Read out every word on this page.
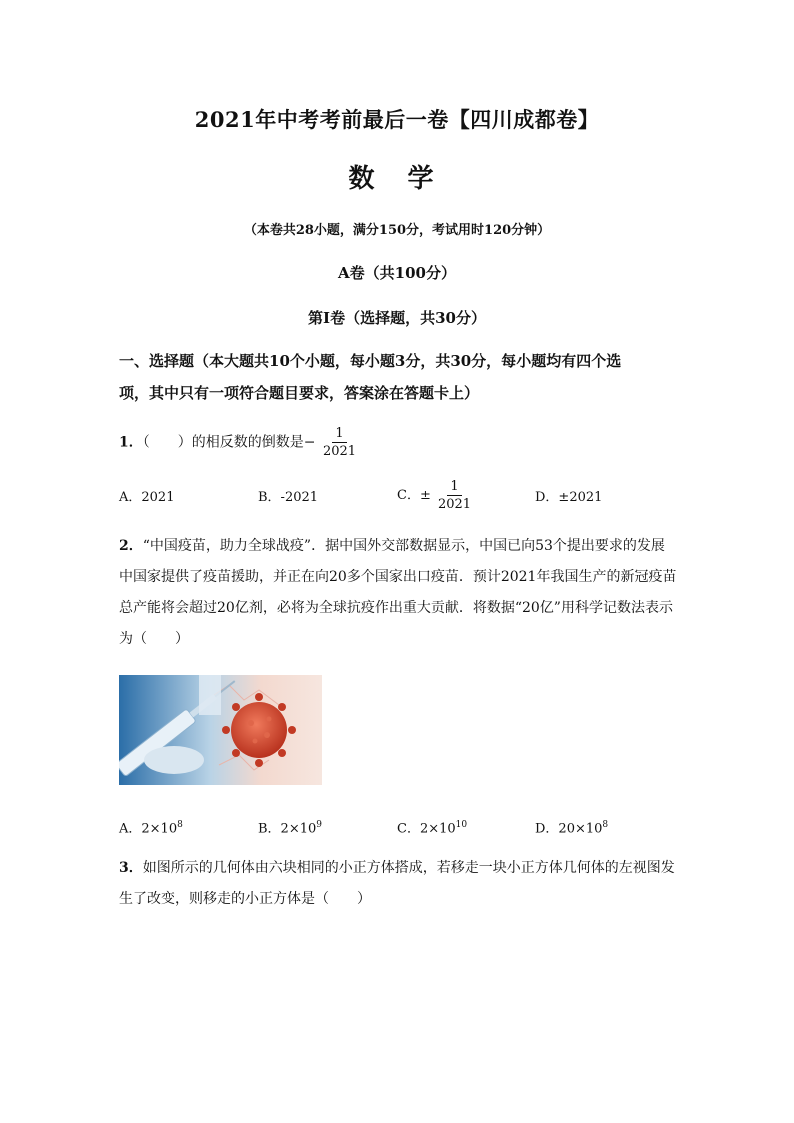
2021年中考考前最后一卷【四川成都卷】
数 学
（本卷共28小题，满分150分，考试用时120分钟）
A卷（共100分）
第Ⅰ卷（选择题，共30分）
一、选择题（本大题共10个小题，每小题3分，共30分，每小题均有四个选
项，其中只有一项符合题目要求，答案涂在答题卡上）
1．（　　）的相反数的倒数是− $\frac{1}{2021}$
A．2021	B．-2021	C．± $\frac{1}{2021}$	D．±2021
2．“中国疫苗，助力全球战疫”．据中国外交部数据显示，中国已向53个提出要求的发展
中国家提供了疫苗援助，并正在向20多个国家出口疫苗．预计2021年我国生产的新冠疫苗
总产能将会超过20亿剂，必将为全球抗疫作出重大贡献．将数据“20亿”用科学记数法表示
为（　　）
A．$2\times 10^8$	B．$2\times 10^9$	C．$2\times 10^{10}$	D．$20\times 10^8$
3．如图所示的几何体由六块相同的小正方体搭成，若移走一块小正方体几何体的左视图发
生了改变，则移走的小正方体是（　　）
